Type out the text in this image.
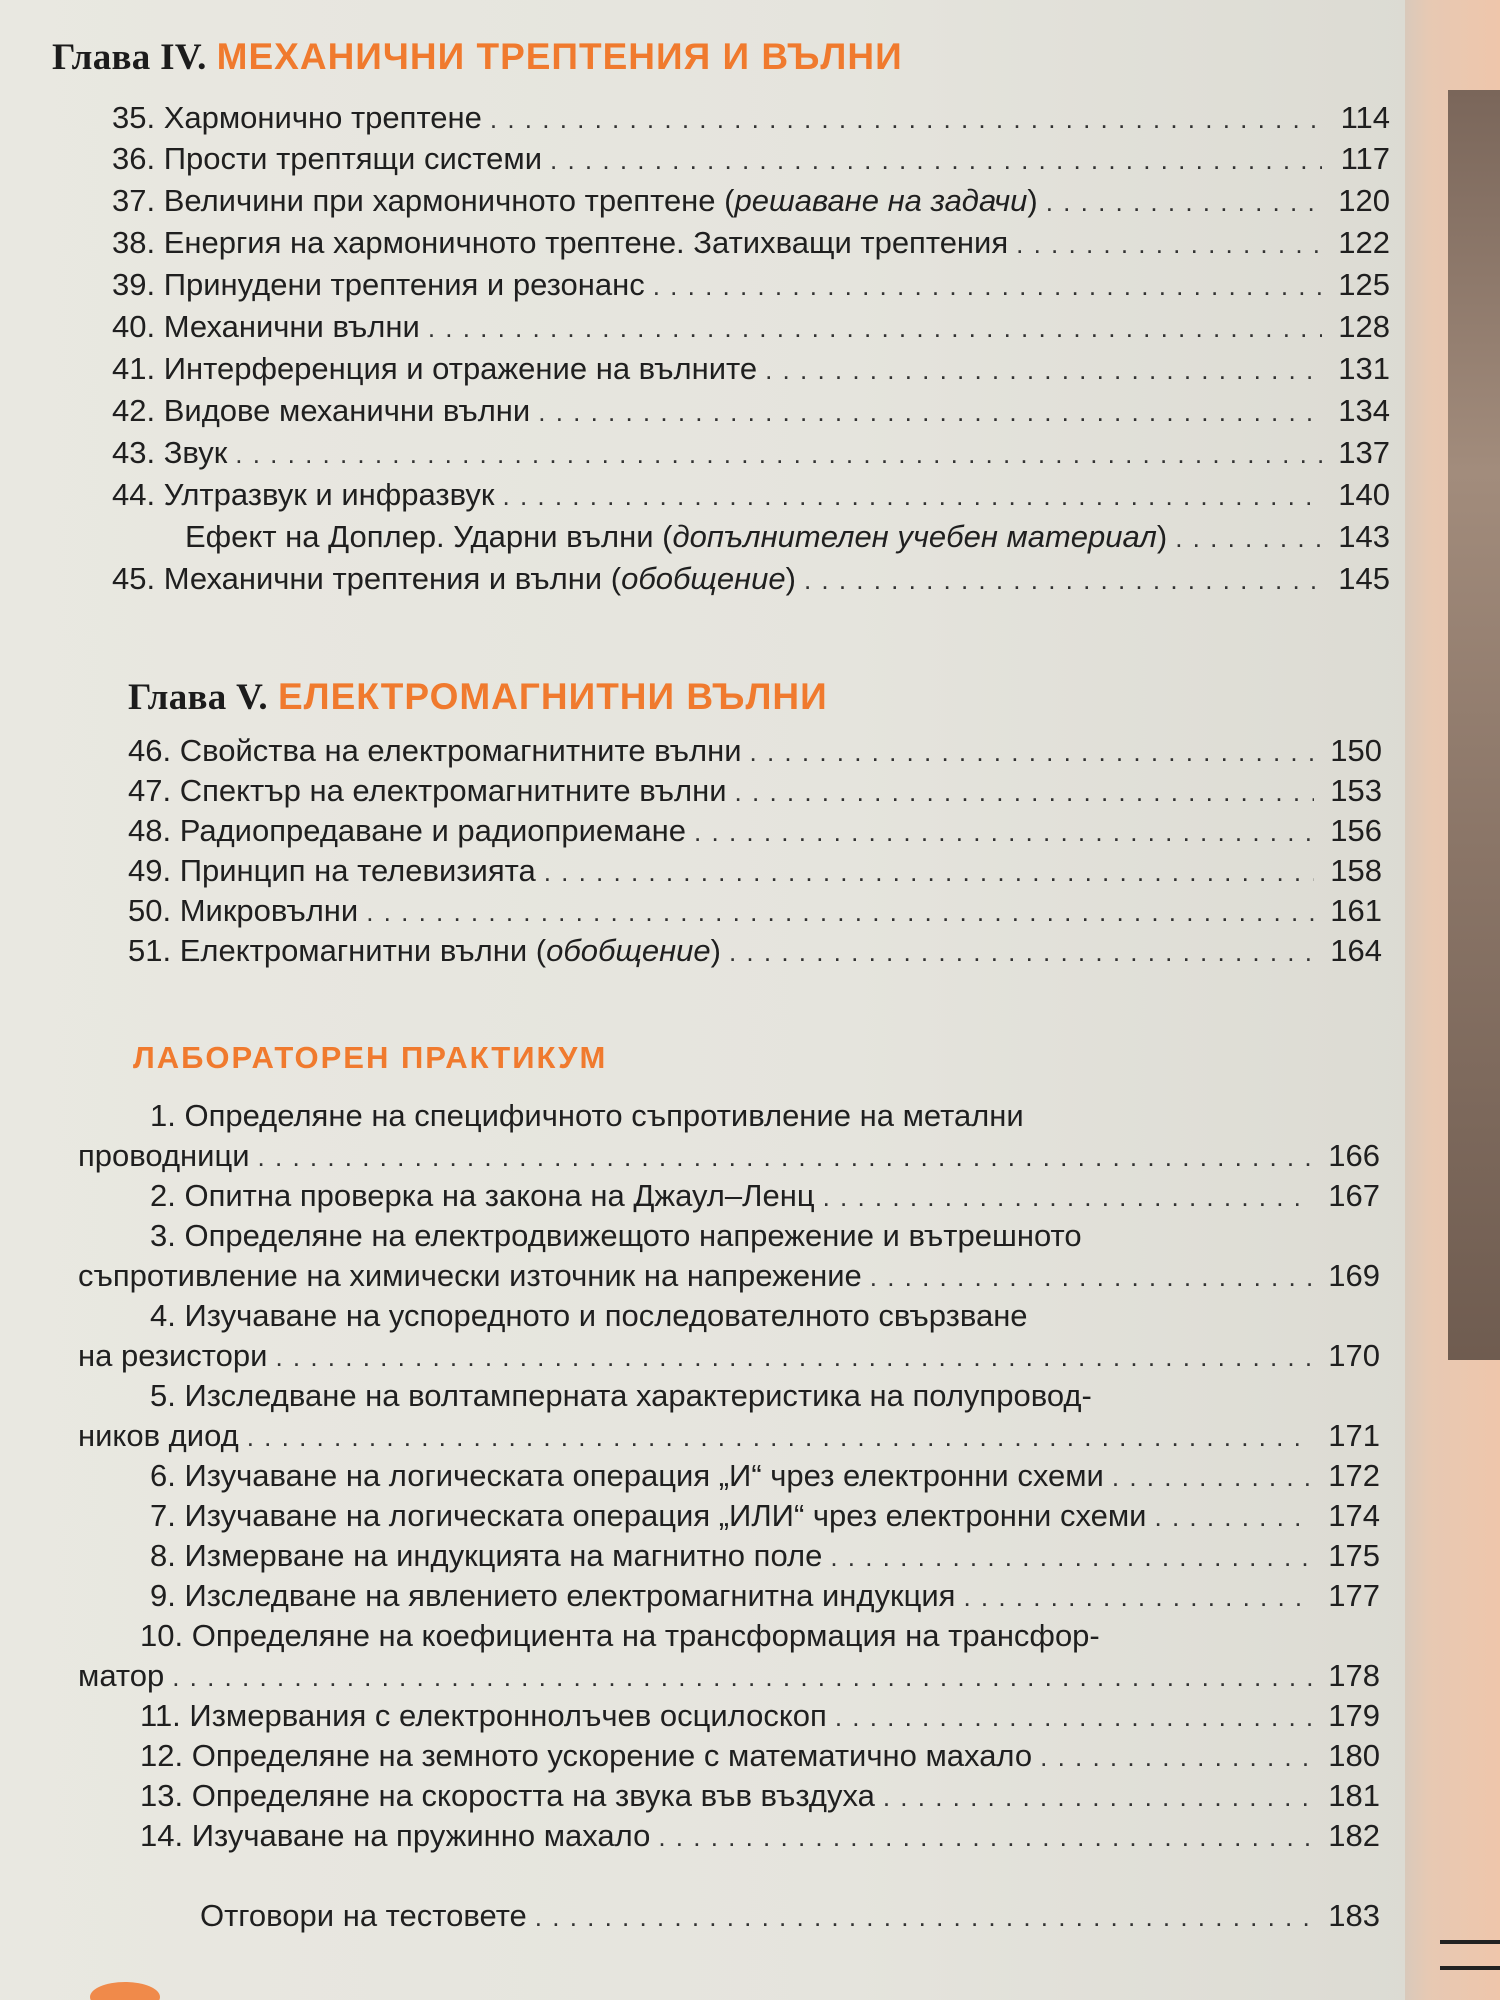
Глава IV. МЕХАНИЧНИ ТРЕПТЕНИЯ И ВЪЛНИ
35. Хармонично трептене . . .	114
36. Прости трептящи системи . . .	117
37. Величини при хармоничното трептене (решаване на задачи) . . .	120
38. Енергия на хармоничното трептене. Затихващи трептения . . .	122
39. Принудени трептения и резонанс . . .	125
40. Механични вълни . . .	128
41. Интерференция и отражение на вълните . . .	131
42. Видове механични вълни . . .	134
43. Звук . . .	137
44. Ултразвук и инфразвук . . .	140
Ефект на Доплер. Ударни вълни (допълнителен учебен материал) . . .	143
45. Механични трептения и вълни (обобщение) . . .	145
Глава V. ЕЛЕКТРОМАГНИТНИ ВЪЛНИ
46. Свойства на електромагнитните вълни . . .	150
47. Спектър на електромагнитните вълни . . .	153
48. Радиопредаване и радиоприемане . . .	156
49. Принцип на телевизията . . .	158
50. Микровълни . . .	161
51. Електромагнитни вълни (обобщение) . . .	164
ЛАБОРАТОРЕН ПРАКТИКУМ
1. Определяне на специфичното съпротивление на метални
проводници . . .	166
2. Опитна проверка на закона на Джаул–Ленц . . .	167
3. Определяне на електродвижещото напрежение и вътрешното
съпротивление на химически източник на напрежение . . .	169
4. Изучаване на успоредното и последователното свързване
на резистори . . .	170
5. Изследване на волтамперната характеристика на полупровод-
ников диод . . .	171
6. Изучаване на логическата операция „И“ чрез електронни схеми . . .	172
7. Изучаване на логическата операция „ИЛИ“ чрез електронни схеми . . .	174
8. Измерване на индукцията на магнитно поле . . .	175
9. Изследване на явлението електромагнитна индукция . . .	177
10. Определяне на коефициента на трансформация на трансфор-
матор . . .	178
11. Измервания с електроннолъчев осцилоскоп . . .	179
12. Определяне на земното ускорение с математично махало . . .	180
13. Определяне на скоростта на звука във въздуха . . .	181
14. Изучаване на пружинно махало . . .	182
Отговори на тестовете . . .	183
